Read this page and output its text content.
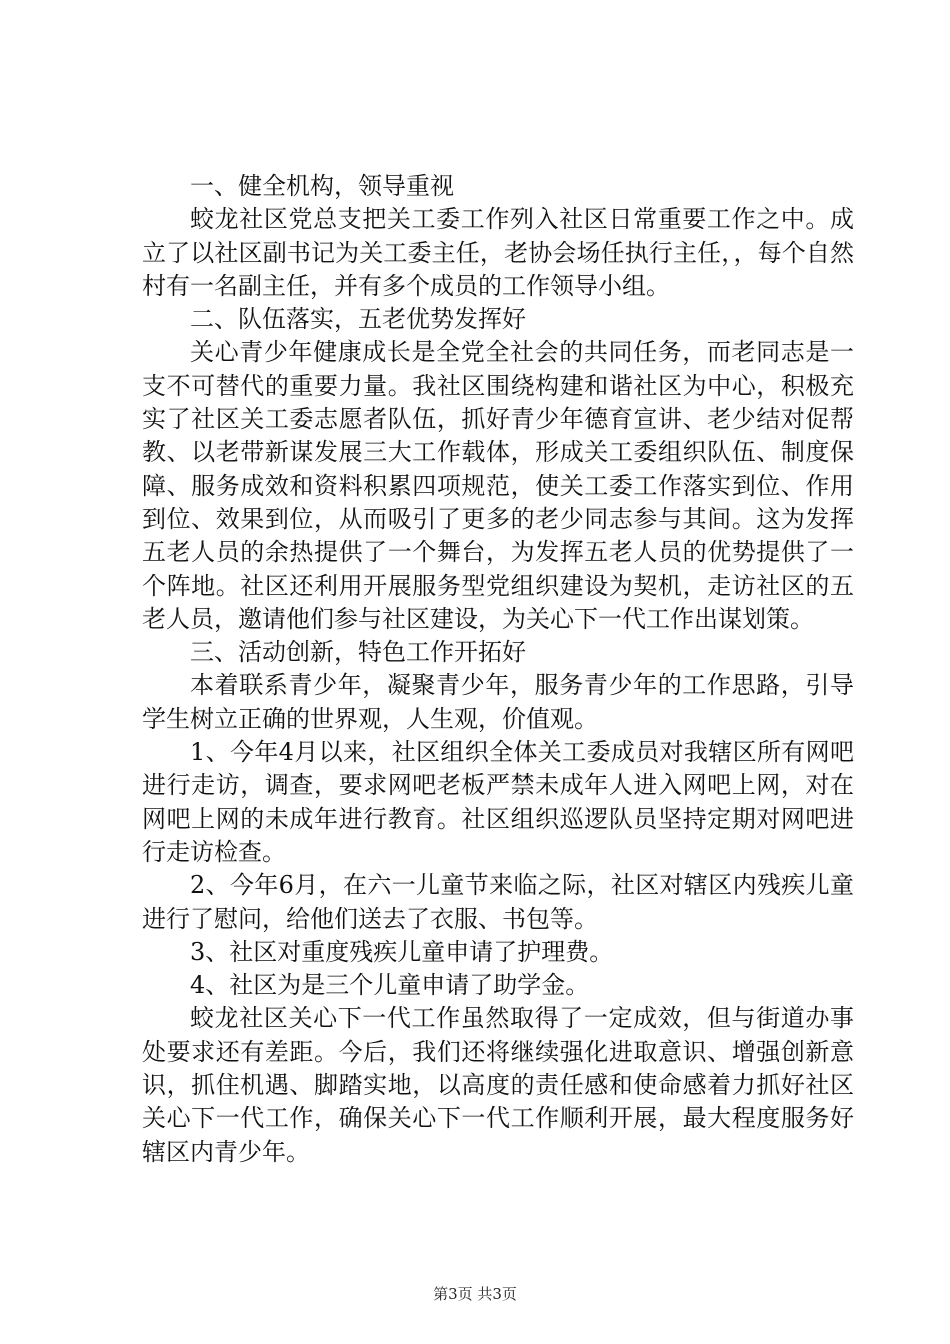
一、健全机构，领导重视

蛟龙社区党总支把关工委工作列入社区日常重要工作之中。成立了以社区副书记为关工委主任，老协会场任执行主任，，每个自然村有一名副主任，并有多个成员的工作领导小组。

二、队伍落实，五老优势发挥好

关心青少年健康成长是全党全社会的共同任务，而老同志是一支不可替代的重要力量。我社区围绕构建和谐社区为中心，积极充实了社区关工委志愿者队伍，抓好青少年德育宣讲、老少结对促帮教、以老带新谋发展三大工作载体，形成关工委组织队伍、制度保障、服务成效和资料积累四项规范，使关工委工作落实到位、作用到位、效果到位，从而吸引了更多的老少同志参与其间。这为发挥五老人员的余热提供了一个舞台，为发挥五老人员的优势提供了一个阵地。社区还利用开展服务型党组织建设为契机，走访社区的五老人员，邀请他们参与社区建设，为关心下一代工作出谋划策。

三、活动创新，特色工作开拓好

本着联系青少年，凝聚青少年，服务青少年的工作思路，引导学生树立正确的世界观，人生观，价值观。

1、今年4月以来，社区组织全体关工委成员对我辖区所有网吧进行走访，调查，要求网吧老板严禁未成年人进入网吧上网，对在网吧上网的未成年进行教育。社区组织巡逻队员坚持定期对网吧进行走访检查。

2、今年6月，在六一儿童节来临之际，社区对辖区内残疾儿童进行了慰问，给他们送去了衣服、书包等。

3、社区对重度残疾儿童申请了护理费。

4、社区为是三个儿童申请了助学金。

蛟龙社区关心下一代工作虽然取得了一定成效，但与街道办事处要求还有差距。今后，我们还将继续强化进取意识、增强创新意识，抓住机遇、脚踏实地，以高度的责任感和使命感着力抓好社区关心下一代工作，确保关心下一代工作顺利开展，最大程度服务好辖区内青少年。

第3页 共3页
